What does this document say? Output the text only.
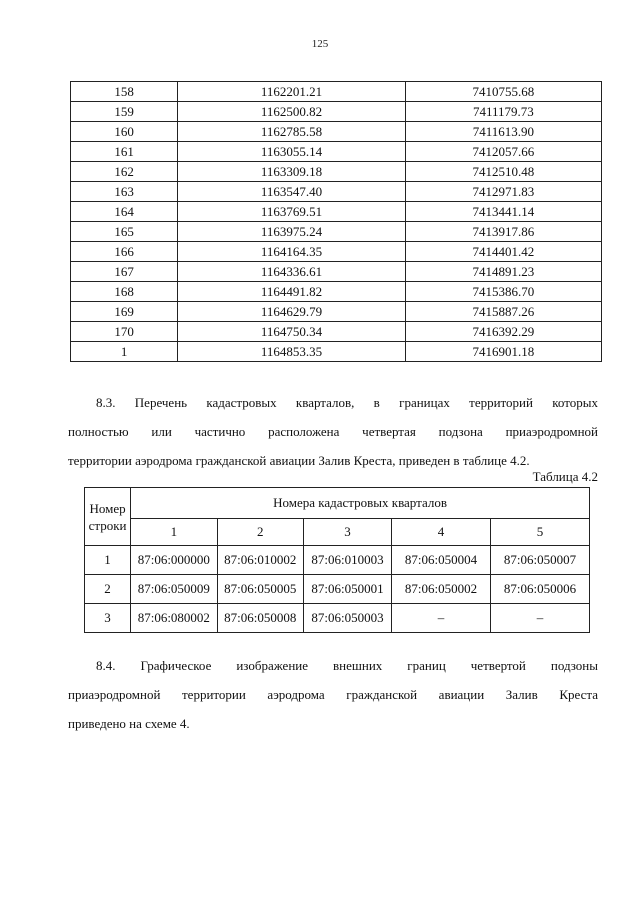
125
158	1162201.21	7410755.68
159	1162500.82	7411179.73
160	1162785.58	7411613.90
161	1163055.14	7412057.66
162	1163309.18	7412510.48
163	1163547.40	7412971.83
164	1163769.51	7413441.14
165	1163975.24	7413917.86
166	1164164.35	7414401.42
167	1164336.61	7414891.23
168	1164491.82	7415386.70
169	1164629.79	7415887.26
170	1164750.34	7416392.29
1	1164853.35	7416901.18

8.3. Перечень кадастровых кварталов, в границах территорий которых
полностью или частично расположена четвертая подзона приаэродромной
территории аэродрома гражданской авиации Залив Креста, приведен в таблице 4.2.

Таблица 4.2
Номер строки	Номера кадастровых кварталов				
	1	2	3	4	5
1	87:06:000000	87:06:010002	87:06:010003	87:06:050004	87:06:050007
2	87:06:050009	87:06:050005	87:06:050001	87:06:050002	87:06:050006
3	87:06:080002	87:06:050008	87:06:050003	–	–

8.4. Графическое изображение внешних границ четвертой подзоны
приаэродромной территории аэродрома гражданской авиации Залив Креста
приведено на схеме 4.
